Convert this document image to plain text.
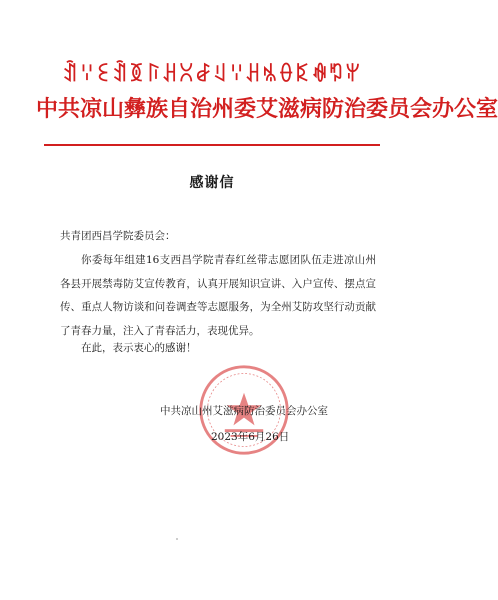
ꀉꈌꏂꀉꅉꑍꃅꇤꆀꆹꈌꃅꁱꂷꌅꊿꑳꅍ
中共凉山彝族自治州委艾滋病防治委员会办公室
感谢信
共青团西昌学院委员会：
你委每年组建16支西昌学院青春红丝带志愿团队伍走进凉山州各县开展禁毒防艾宣传教育，认真开展知识宣讲、入户宣传、摆点宣传、重点人物访谈和问卷调查等志愿服务，为全州艾防攻坚行动贡献了青春力量，注入了青春活力，表现优异。
在此，表示衷心的感谢！
中共凉山州艾滋病防治委员会办公室
2023年6月26日
